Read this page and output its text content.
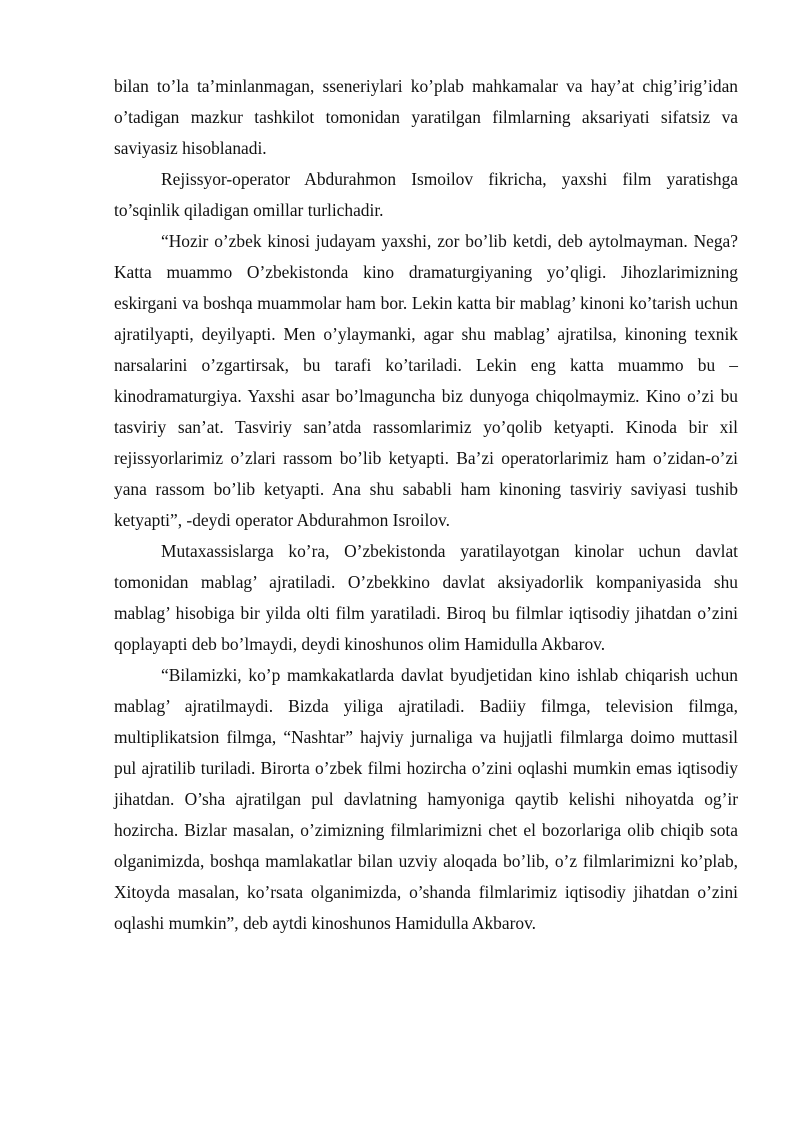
bilan to’la ta’minlanmagan, sseneriylari ko’plab mahkamalar va hay’at chig’irig’idan o’tadigan mazkur tashkilot tomonidan yaratilgan filmlarning aksariyati sifatsiz va saviyasiz hisoblanadi.

Rejissyor-operator Abdurahmon Ismoilov fikricha, yaxshi film yaratishga to’sqinlik qiladigan omillar turlichadir.

“Hozir o’zbek kinosi judayam yaxshi, zor bo’lib ketdi, deb aytolmayman. Nega? Katta muammo O’zbekistonda kino dramaturgiyaning yo’qligi. Jihozlarimizning eskirgani va boshqa muammolar ham bor. Lekin katta bir mablag’ kinoni ko’tarish uchun ajratilyapti, deyilyapti. Men o’ylaymanki, agar shu mablag’ ajratilsa, kinoning texnik narsalarini o’zgartirsak, bu tarafi ko’tariladi. Lekin eng katta muammo bu – kinodramaturgiya. Yaxshi asar bo’lmaguncha biz dunyoga chiqolmaymiz. Kino o’zi bu tasviriy san’at. Tasviriy san’atda rassomlarimiz yo’qolib ketyapti. Kinoda bir xil rejissyorlarimiz o’zlari rassom bo’lib ketyapti. Ba’zi operatorlarimiz ham o’zidan-o’zi yana rassom bo’lib ketyapti. Ana shu sababli ham kinoning tasviriy saviyasi tushib ketyapti”, -deydi operator Abdurahmon Isroilov.

Mutaxassislarga ko’ra, O’zbekistonda yaratilayotgan kinolar uchun davlat tomonidan mablag’ ajratiladi. O’zbekkino davlat aksiyadorlik kompaniyasida shu mablag’ hisobiga bir yilda olti film yaratiladi. Biroq bu filmlar iqtisodiy jihatdan o’zini qoplayapti deb bo’lmaydi, deydi kinoshunos olim Hamidulla Akbarov.

“Bilamizki, ko’p mamkakatlarda davlat byudjetidan kino ishlab chiqarish uchun mablag’ ajratilmaydi. Bizda yiliga ajratiladi. Badiiy filmga, television filmga, multiplikatsion filmga, “Nashtar” hajviy jurnaliga va hujjatli filmlarga doimo muttasil pul ajratilib turiladi. Birorta o’zbek filmi hozircha o’zini oqlashi mumkin emas iqtisodiy jihatdan. O’sha ajratilgan pul davlatning hamyoniga qaytib kelishi nihoyatda og’ir hozircha. Bizlar masalan, o’zimizning filmlarimizni chet el bozorlariga olib chiqib sota olganimizda, boshqa mamlakatlar bilan uzviy aloqada bo’lib, o’z filmlarimizni ko’plab, Xitoyda masalan, ko’rsata olganimizda, o’shanda filmlarimiz iqtisodiy jihatdan o’zini oqlashi mumkin”, deb aytdi kinoshunos Hamidulla Akbarov.
